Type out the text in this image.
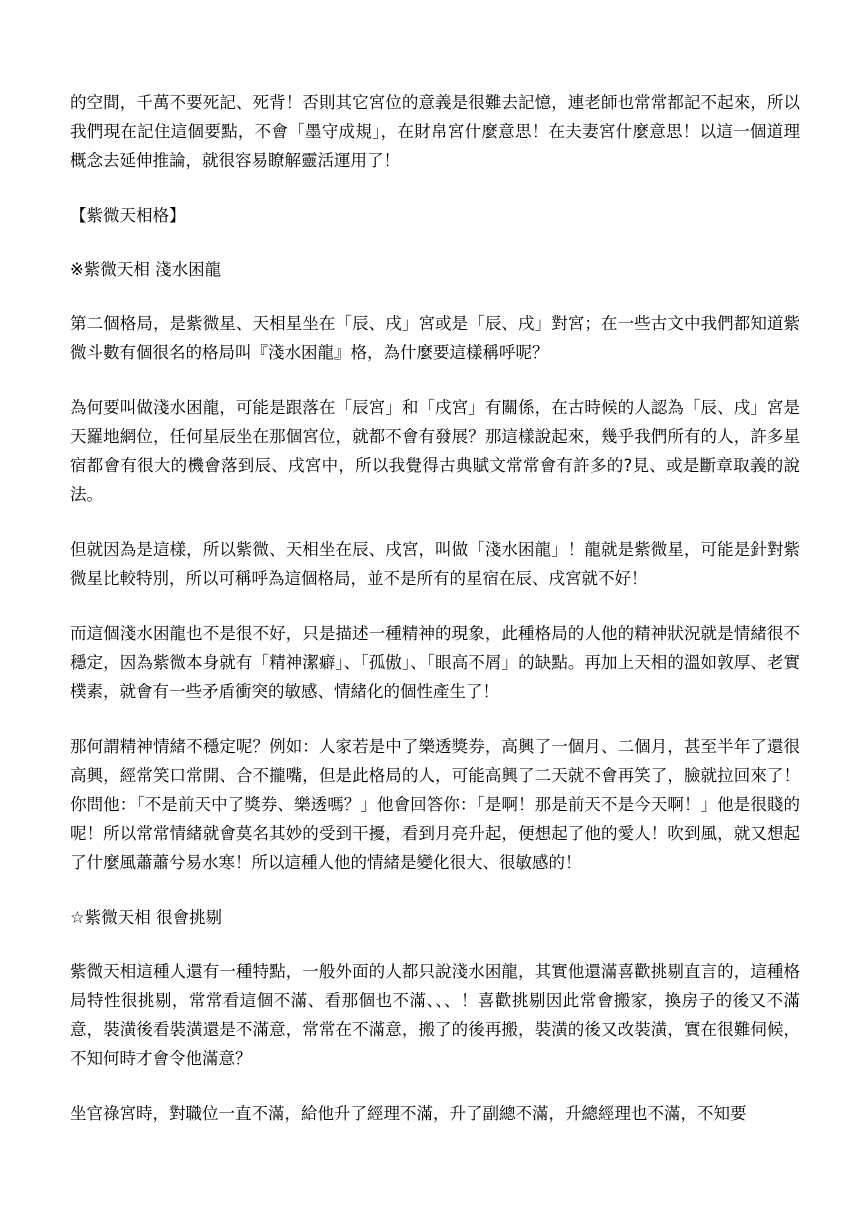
的空間，千萬不要死記、死背！否則其它宮位的意義是很難去記憶，連老師也常常都記不起來，所以我們現在記住這個要點，不會「墨守成規」，在財帛宮什麼意思！在夫妻宮什麼意思！以這一個道理概念去延伸推論，就很容易瞭解靈活運用了！

【紫微天相格】

※紫微天相 淺水困龍

第二個格局，是紫微星、天相星坐在「辰、戌」宮或是「辰、戌」對宮；在一些古文中我們都知道紫微斗數有個很名的格局叫『淺水困龍』格，為什麼要這樣稱呼呢？

為何要叫做淺水困龍，可能是跟落在「辰宮」和「戌宮」有關係，在古時候的人認為「辰、戌」宮是天羅地網位，任何星辰坐在那個宮位，就都不會有發展？那這樣說起來，幾乎我們所有的人，許多星宿都會有很大的機會落到辰、戌宮中，所以我覺得古典賦文常常會有許多的?見、或是斷章取義的說法。

但就因為是這樣，所以紫微、天相坐在辰、戌宮，叫做「淺水困龍」！龍就是紫微星，可能是針對紫微星比較特別，所以可稱呼為這個格局，並不是所有的星宿在辰、戌宮就不好！

而這個淺水困龍也不是很不好，只是描述一種精神的現象，此種格局的人他的精神狀況就是情緒很不穩定，因為紫微本身就有「精神潔癖」、「孤傲」、「眼高不屑」的缺點。再加上天相的溫如敦厚、老實樸素，就會有一些矛盾衝突的敏感、情緒化的個性產生了！

那何謂精神情緒不穩定呢？例如：人家若是中了樂透獎券，高興了一個月、二個月，甚至半年了還很高興，經常笑口常開、合不攏嘴，但是此格局的人，可能高興了二天就不會再笑了，臉就拉回來了！你問他：「不是前天中了獎券、樂透嗎？」他會回答你：「是啊！那是前天不是今天啊！」他是很賤的呢！所以常常情緒就會莫名其妙的受到干擾，看到月亮升起，便想起了他的愛人！吹到風，就又想起了什麼風蕭蕭兮易水寒！所以這種人他的情緒是變化很大、很敏感的！

☆紫微天相 很會挑剔

紫微天相這種人還有一種特點，一般外面的人都只說淺水困龍，其實他還滿喜歡挑剔直言的，這種格局特性很挑剔，常常看這個不滿、看那個也不滿、、、！喜歡挑剔因此常會搬家，換房子的後又不滿意，裝潢後看裝潢還是不滿意，常常在不滿意，搬了的後再搬，裝潢的後又改裝潢，實在很難伺候，不知何時才會令他滿意？

坐官祿宮時，對職位一直不滿，給他升了經理不滿，升了副總不滿，升總經理也不滿，不知要
